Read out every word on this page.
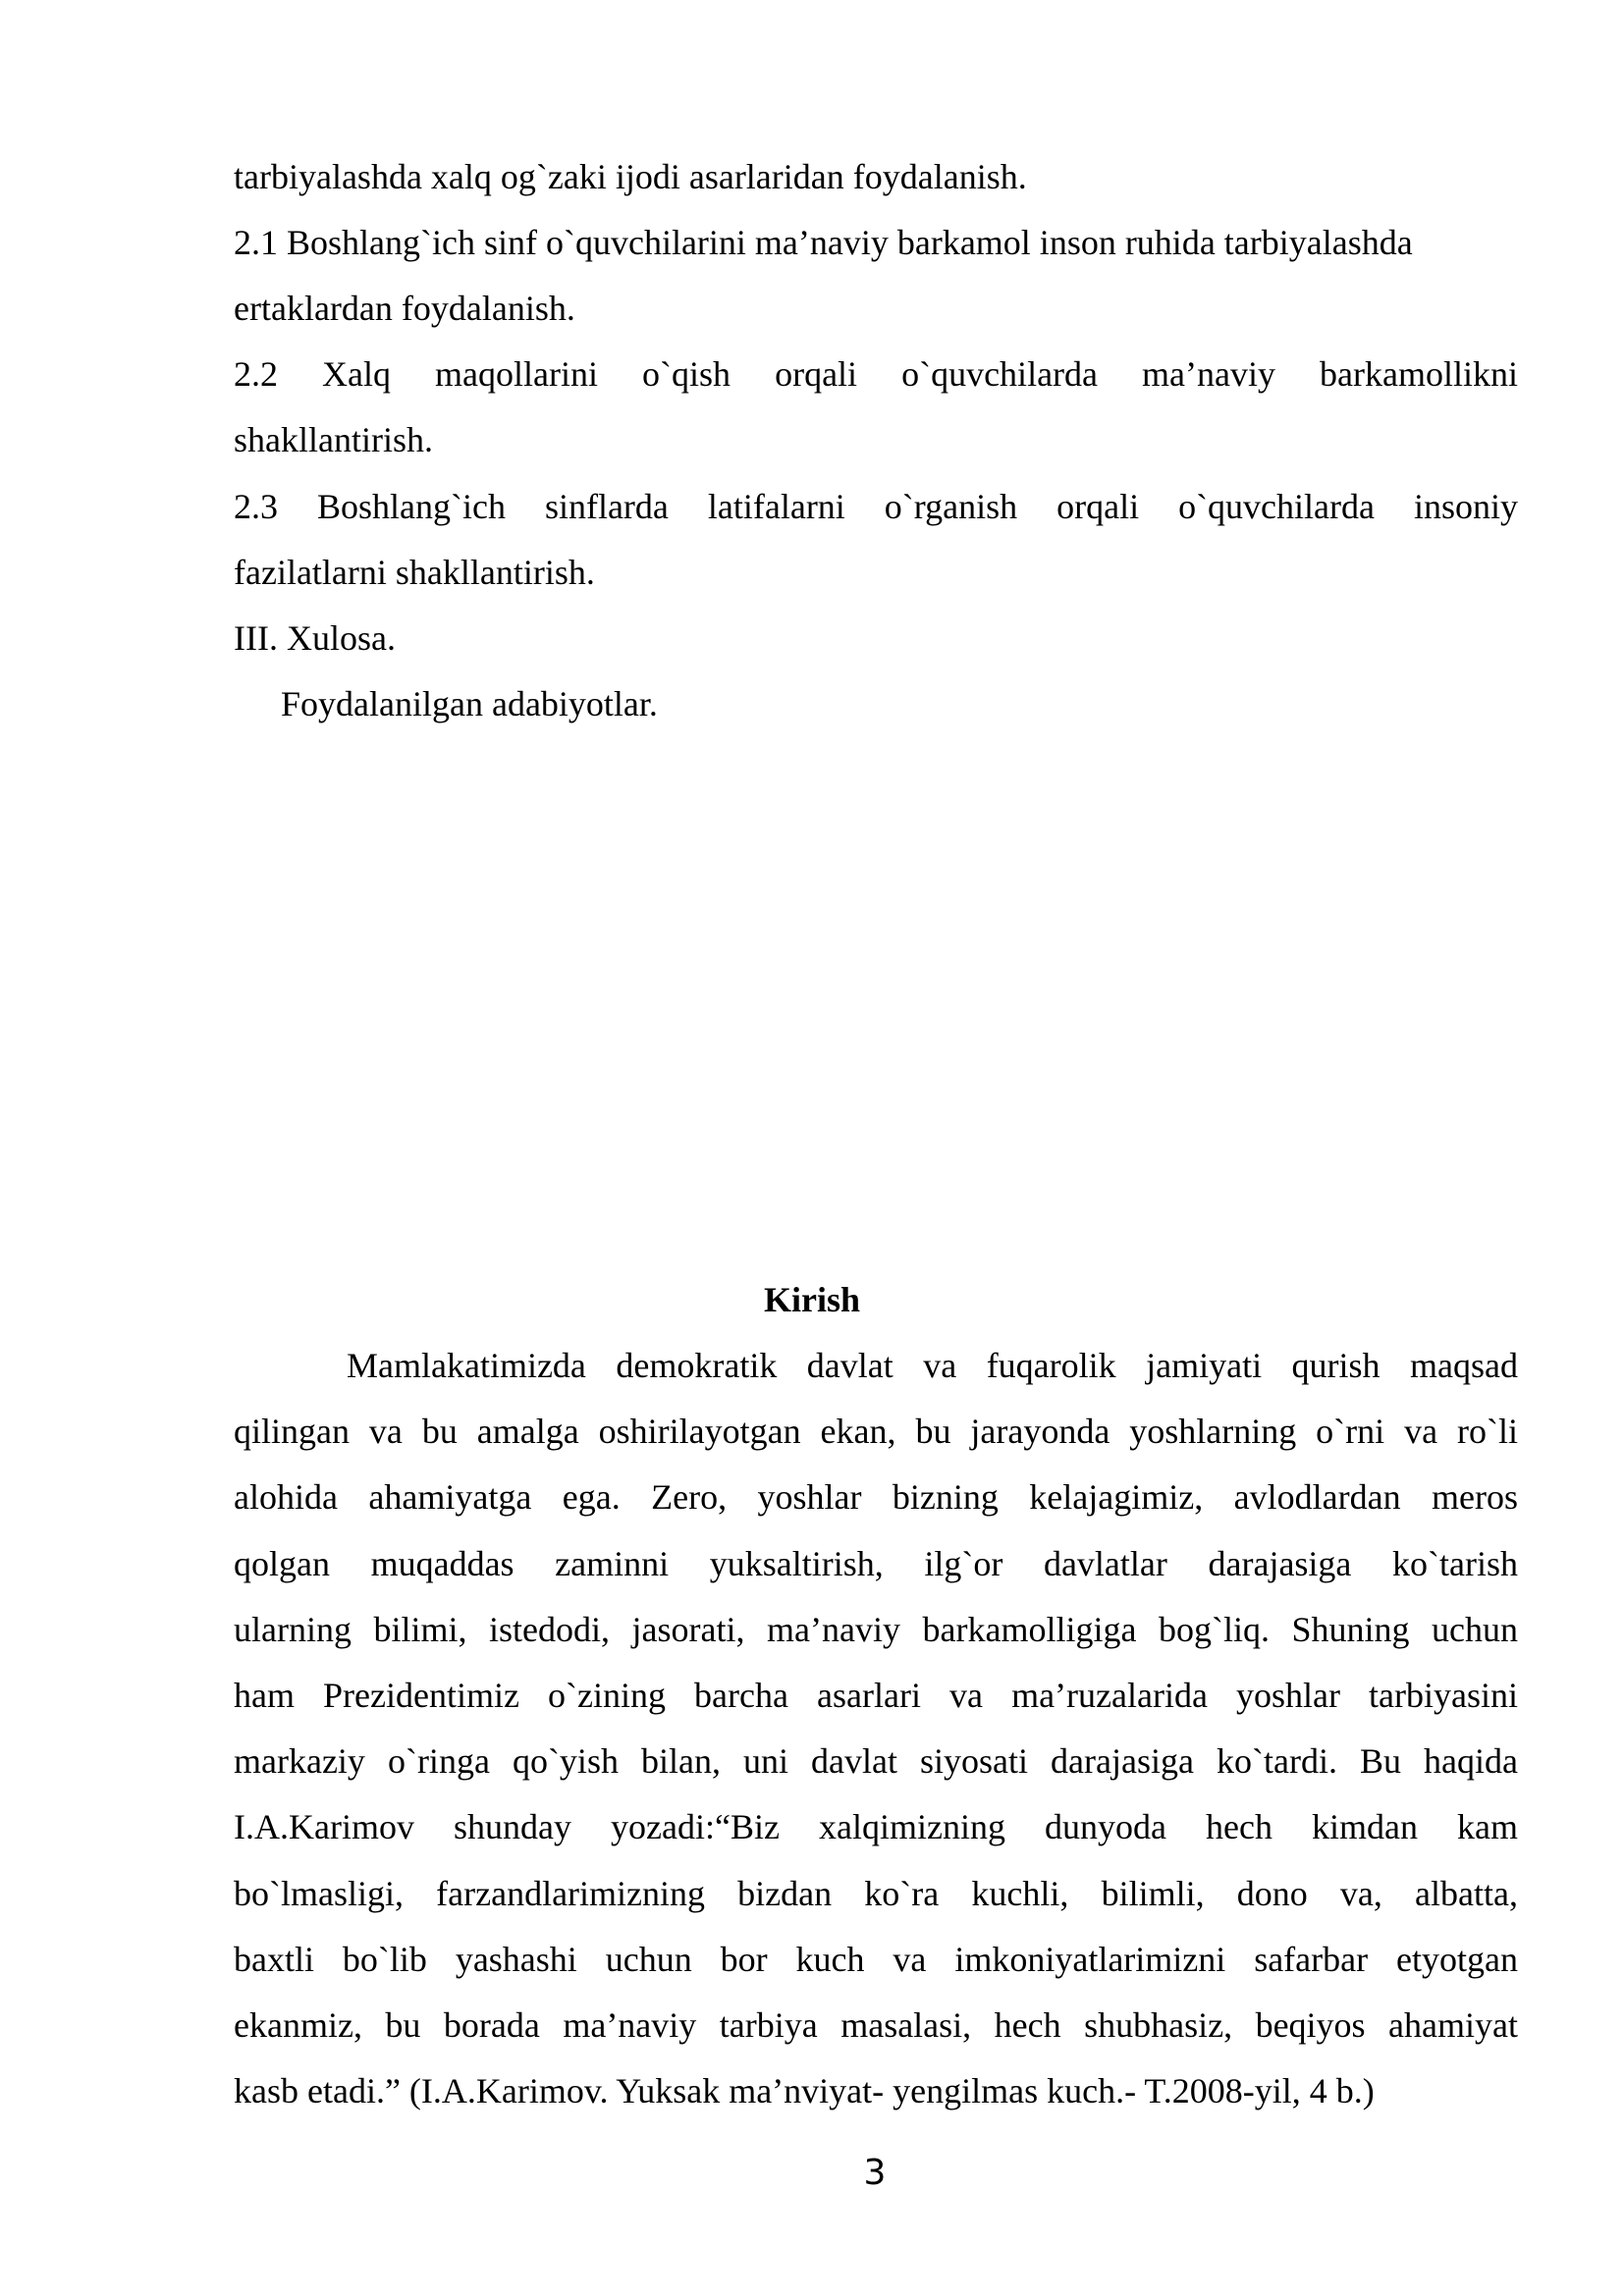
tarbiyalashda xalq og`zaki ijodi asarlaridan foydalanish.
2.1 Boshlang`ich sinf o`quvchilarini ma’naviy barkamol inson ruhida tarbiyalashda
ertaklardan foydalanish.
2.2 Xalq maqollarini o`qish orqali o`quvchilarda ma’naviy barkamollikni
shakllantirish.
2.3 Boshlang`ich sinflarda latifalarni o`rganish orqali o`quvchilarda insoniy
fazilatlarni shakllantirish.
III. Xulosa.
Foydalanilgan adabiyotlar.
Kirish
Mamlakatimizda demokratik davlat va fuqarolik jamiyati qurish maqsad
qilingan va bu amalga oshirilayotgan ekan, bu jarayonda yoshlarning o`rni va ro`li
alohida ahamiyatga ega. Zero, yoshlar bizning kelajagimiz, avlodlardan meros
qolgan muqaddas zaminni yuksaltirish, ilg`or davlatlar darajasiga ko`tarish
ularning bilimi, istedodi, jasorati, ma’naviy barkamolligiga bog`liq. Shuning uchun
ham Prezidentimiz o`zining barcha asarlari va ma’ruzalarida yoshlar tarbiyasini
markaziy o`ringa qo`yish bilan, uni davlat siyosati darajasiga ko`tardi. Bu haqida
I.A.Karimov shunday yozadi:“Biz xalqimizning dunyoda hech kimdan kam
bo`lmasligi, farzandlarimizning bizdan ko`ra kuchli, bilimli, dono va, albatta,
baxtli bo`lib yashashi uchun bor kuch va imkoniyatlarimizni safarbar etyotgan
ekanmiz, bu borada ma’naviy tarbiya masalasi, hech shubhasiz, beqiyos ahamiyat
kasb etadi.” (I.A.Karimov. Yuksak ma’nviyat- yengilmas kuch.- T.2008-yil, 4 b.)
3
